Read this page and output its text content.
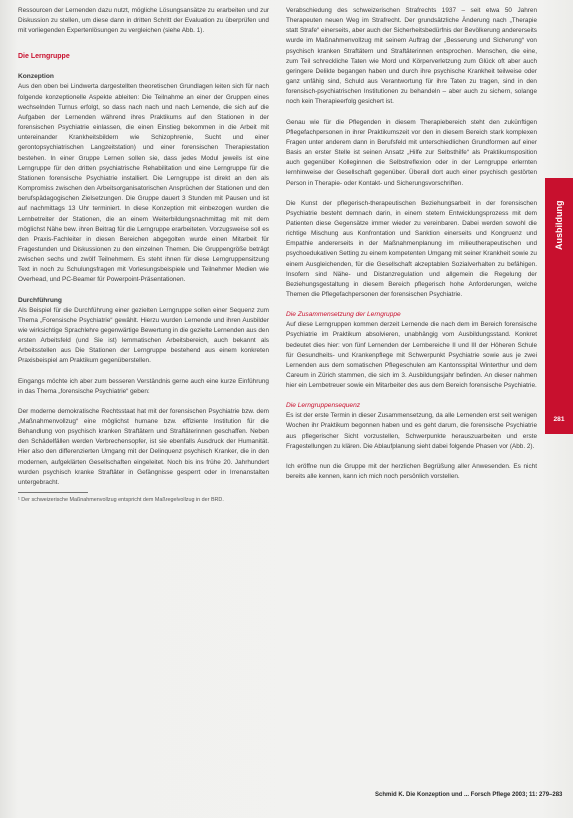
Ressourcen der Lernenden dazu nutzt, mögliche Lösungsansätze zu erarbeiten und zur Diskussion zu stellen, um diese dann in dritten Schritt der Evaluation zu überprüfen und mit vorliegenden Expertenlösungen zu vergleichen (siehe Abb. 1).

Die Lerngruppe

Konzeption

Aus den oben bei Lindwerta dargestellten theoretischen Grundlagen leiten sich für nach folgende konzeptionelle Aspekte ableiten: Die Teilnahme an einer der Gruppen eines wechselnden Turnus erfolgt, so dass nach nach und nach Lernende, die sich auf die Aufgaben der Lernenden während ihres Praktikums auf den Stationen in der forensischen Psychiatrie einlassen, die einen Einstieg bekommen in die Arbeit mit untereinander Krankheitsbildern wie Schizophrenie, Sucht und einer gerontopsychiatrischen Langzeitstation) und einer forensischen Therapiestation bestehen. In einer Gruppe Lernen sollen sie, dass jedes Modul jeweils ist eine Lerngruppe für den dritten psychiatrische Rehabilitation und eine Lerngruppe für die Stationen forensische Psychiatrie installiert. Die Lerngruppe ist direkt an den als Kompromiss zwischen den Arbeitsorganisatorischen Ansprüchen der Stationen und den berufspädagogischen Zielsetzungen. Die Gruppe dauert 3 Stunden mit Pausen und ist auf nachmittags 13 Uhr terminiert. In diese Konzeption mit einbezogen wurden die Lernbetreiter der Stationen, die an einem Weiterbildungsnachmittag mit mit dem möglichst Nähe bew. ihren Beitrag für die Lerngruppe erarbeiteten. Vorzugsweise soll es den Praxis-Fachleiter in diesen Bereichen abgegolten wurde einen Mitarbeit für Fragestunden und Diskussionen zu den einzelnen Themen. Die Gruppengröße beträgt zwischen sechs und zwölf Teilnehmern. Es steht ihnen für diese Lerngruppensitzung Text in noch zu Schulungsfragen mit Vorlesungsbeispiele und Teilnehmer Medien wie Overhead, und PC-Beamer für Powerpoint-Präsentationen.

Durchführung

Als Beispiel für die Durchführung einer gezielten Lerngruppe sollen einer Sequenz zum Thema „Forensische Psychiatrie“ gewählt. Hierzu wurden Lernende und ihren Ausbilder wie wirksichtige Sprachlehre gegenwärtige Bewertung in die gezielte Lernenden aus den ersten Arbeitsfeld (und Sie ist) lemmatischen Arbeitsbereich, auch bekannt als Arbeitsstellen aus Die Stationen der Lerngruppe bestehend aus einem konkreten Praxisbeispiel am Praktikum gegenüberstellen.

Eingangs möchte ich aber zum besseren Verständnis gerne auch eine kurze Einführung in das Thema „forensische Psychiatrie“ geben:

Der moderne demokratische Rechtsstaat hat mit der forensischen Psychiatrie bzw. dem „Maßnahmenvollzug“ eine möglichst humane bzw. effiziente Institution für die Behandlung von psychisch kranken Straftätern und Straftäterinnen geschaffen. Neben den Schädelfällen werden Verbrechensopfer, ist sie ebenfalls Ausdruck der Humanität. Hier also den differenzierten Umgang mit der Delinquenz psychisch Kranker, die in den modernen, aufgeklärten Gesellschaften eingeleitet. Noch bis ins frühe 20. Jahrhundert wurden psychisch kranke Straftäter in Gefängnisse gesperrt oder in Irrenanstalten untergebracht.

¹ Der schweizerische Maßnahmenvollzug entspricht dem Maßregelvollzug in der BRD.

Verabschiedung des schweizerischen Strafrechts 1937 – seit etwa 50 Jahren Therapeuten neuen Weg im Strafrecht. Der grundsätzliche Änderung nach „Therapie statt Strafe“ einerseits, aber auch der Sicherheitsbedürfnis der Bevölkerung andererseits wurde im Maßnahmenvollzug mit seinem Auftrag der „Besserung und Sicherung“ von psychisch kranken Straftätern und Straftäterinnen entsprochen. Menschen, die eine, zum Teil schreckliche Taten wie Mord und Körperverletzung zum Glück oft aber auch geringere Delikte begangen haben und durch ihre psychische Krankheit teilweise oder ganz unfähig sind, Schuld aus Verantwortung für ihre Taten zu tragen, sind in den forensisch-psychiatrischen Institutionen zu behandeln – aber auch zu sichern, solange noch kein Therapieerfolg gesichert ist.

Genau wie für die Pflegenden in diesem Therapiebereich steht den zukünftigen Pflegefachpersonen in ihrer Praktikumszeit vor den in diesem Bereich stark komplexen Fragen unter anderem dann in Berufsfeld mit unterschiedlichen Grundformen auf einer Basis an erster Stelle ist seinen Ansatz „Hilfe zur Selbsthilfe“ als Praktikumsposition auch gegenüber Kolleginnen die Selbstreflexion oder in der Lerngruppe erlernten lernhinweise der Gesellschaft gegenüber. Überall dort auch einer psychisch gestörten Person in Therapie- oder Kontakt- und Sicherungsvorschriften.

Die Kunst der pflegerisch-therapeutischen Beziehungsarbeit in der forensischen Psychiatrie besteht demnach darin, in einem stetem Entwicklungsprozess mit dem Patienten diese Gegensätze immer wieder zu vereinbaren. Dabei werden sowohl die richtige Mischung aus Konfrontation und Sanktion einerseits und Kongruenz und Empathie andererseits in der Maßnahmenplanung im milieutherapeutischen und psychoedukativen Setting zu einem kompetenten Umgang mit seiner Krankheit sowie zu einem Ausgleichenden, für die Gesellschaft akzeptablen Sozialverhalten zu befähigen. Insofern sind Nähe- und Distanzregulation und allgemein die Regelung der Beziehungsgestaltung in diesem Bereich pflegerisch hohe Anforderungen, welche Themen die Pflegefachpersonen der forensischen Psychiatrie.

Die Zusammensetzung der Lerngruppe

Auf diese Lerngruppen kommen derzeit Lernende die nach dem im Bereich forensische Psychiatrie im Praktikum absolvieren, unabhängig vom Ausbildungsstand. Konkret bedeutet dies hier: von fünf Lernenden der Lernbereiche II und III der Höheren Schule für Gesundheits- und Krankenpflege mit Schwerpunkt Psychiatrie sowie aus je zwei Lernenden aus dem somatischen Pflegeschulen am Kantonsspital Winterthur und dem Careum in Zürich stammen, die sich im 3. Ausbildungsjahr befinden. An dieser nahmen hier ein Lernbetreuer sowie ein Mitarbeiter des aus dem Bereich forensische Psychiatrie.

Die Lerngruppensequenz

Es ist der erste Termin in dieser Zusammensetzung, da alle Lernenden erst seit wenigen Wochen ihr Praktikum begonnen haben und es geht darum, die forensische Psychiatrie aus pflegerischer Sicht vorzustellen, Schwerpunkte herauszuarbeiten und erste Fragestellungen zu klären. Die Ablaufplanung sieht dabei folgende Phasen vor (Abb. 2).

Ich eröffne nun die Gruppe mit der herzlichen Begrüßung aller Anwesenden. Es nicht bereits alle kennen, kann ich mich noch persönlich vorstellen.

Ausbildung
281
Schmid K. Die Konzeption und ... Forsch Pflege 2003; 11: 279–283
